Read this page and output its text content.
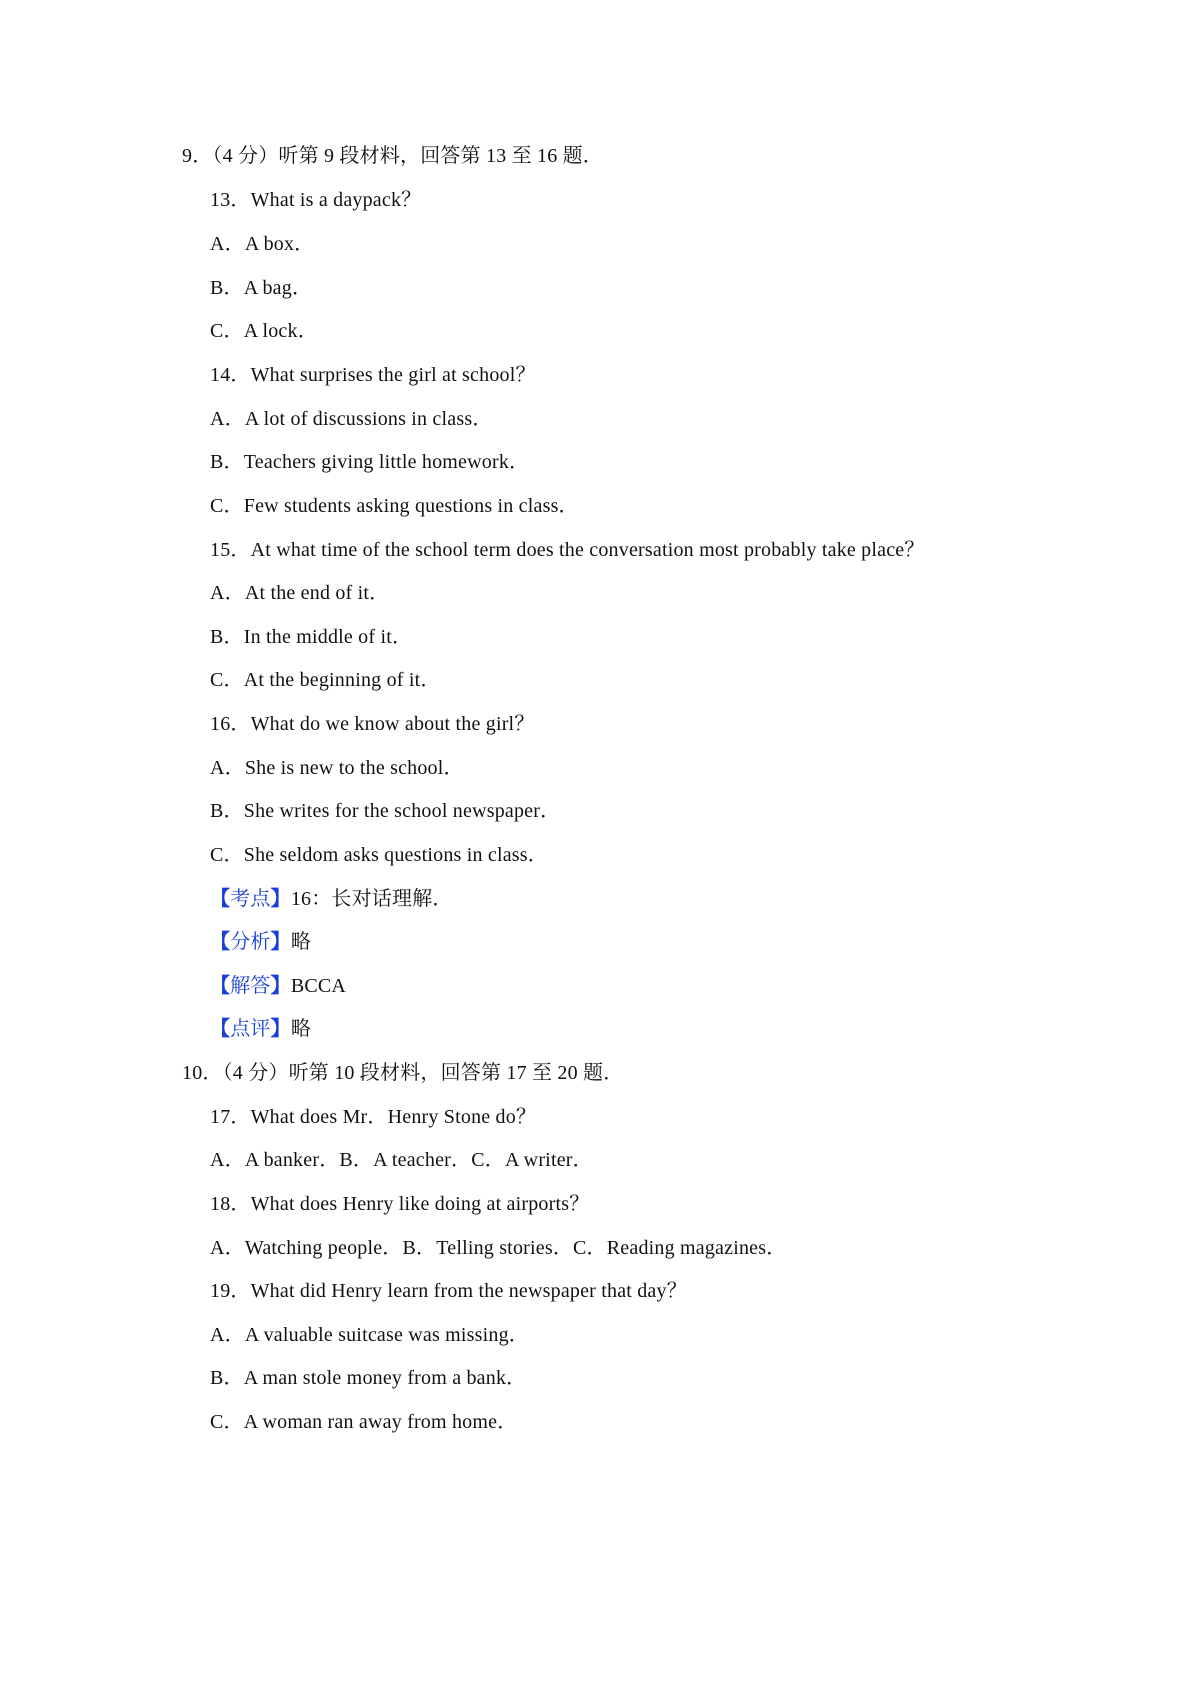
9．（4 分）听第 9 段材料，回答第 13 至 16 题．
13．What is a daypack？
A．A box．
B．A bag．
C．A lock．
14．What surprises the girl at school？
A．A lot of discussions in class．
B．Teachers giving little homework．
C．Few students asking questions in class．
15．At what time of the school term does the conversation most probably take place？
A．At the end of it．
B．In the middle of it．
C．At the beginning of it．
16．What do we know about the girl？
A．She is new to the school．
B．She writes for the school newspaper．
C．She seldom asks questions in class．
【考点】16：长对话理解．
【分析】略
【解答】BCCA
【点评】略
10．（4 分）听第 10 段材料，回答第 17 至 20 题．
17．What does Mr．Henry Stone do？
A．A banker．B．A teacher．C．A writer．
18．What does Henry like doing at airports？
A．Watching people．B．Telling stories．C．Reading magazines．
19．What did Henry learn from the newspaper that day？
A．A valuable suitcase was missing．
B．A man stole money from a bank．
C．A woman ran away from home．
